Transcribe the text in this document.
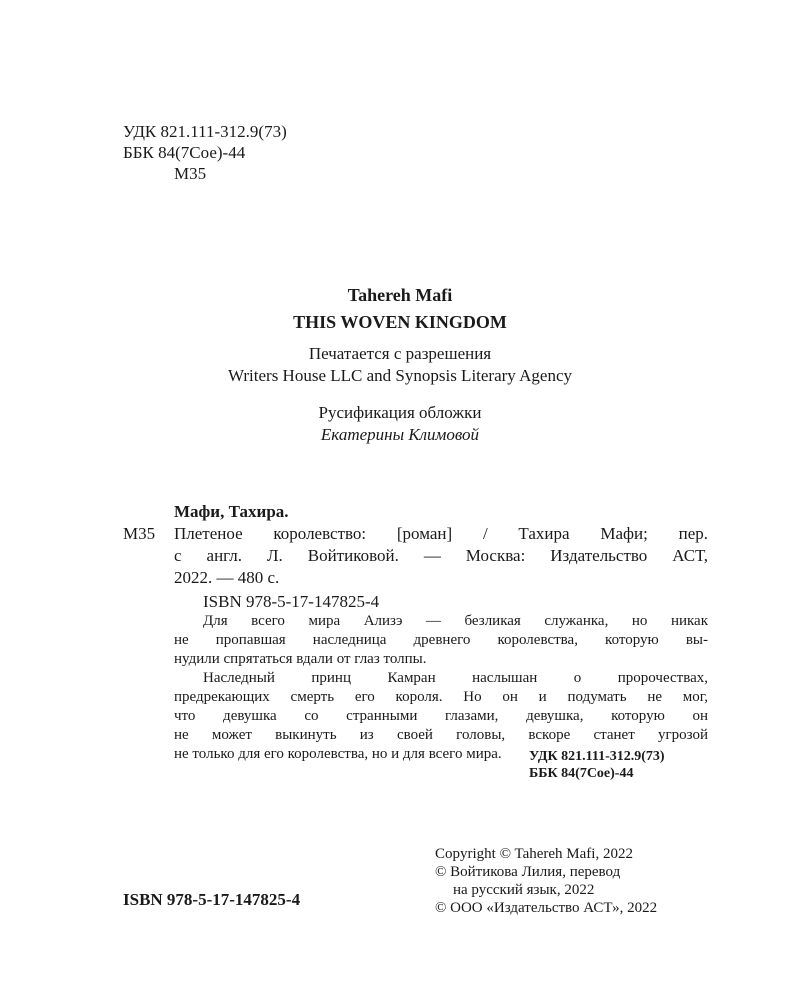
УДК 821.111-312.9(73)
ББК 84(7Сое)-44
М35
Tahereh Mafi
THIS WOVEN KINGDOM
Печатается с разрешения
Writers House LLC and Synopsis Literary Agency
Русификация обложки
Екатерины Климовой
Мафи, Тахира.
М35 Плетеное королевство: [роман] / Тахира Мафи; пер.
с англ. Л. Войтиковой. — Москва: Издательство АСТ,
2022. — 480 с.
ISBN 978-5-17-147825-4
Для всего мира Ализэ — безликая служанка, но никак
не пропавшая наследница древнего королевства, которую вы-
нудили спрятаться вдали от глаз толпы.
Наследный принц Камран наслышан о пророчествах,
предрекающих смерть его короля. Но он и подумать не мог,
что девушка со странными глазами, девушка, которую он
не может выкинуть из своей головы, вскоре станет угрозой
не только для его королевства, но и для всего мира.	УДК 821.111-312.9(73)
ББК 84(7Сое)-44
ISBN 978-5-17-147825-4
Copyright © Tahereh Mafi, 2022
© Войтикова Лилия, перевод
на русский язык, 2022
© ООО «Издательство АСТ», 2022
